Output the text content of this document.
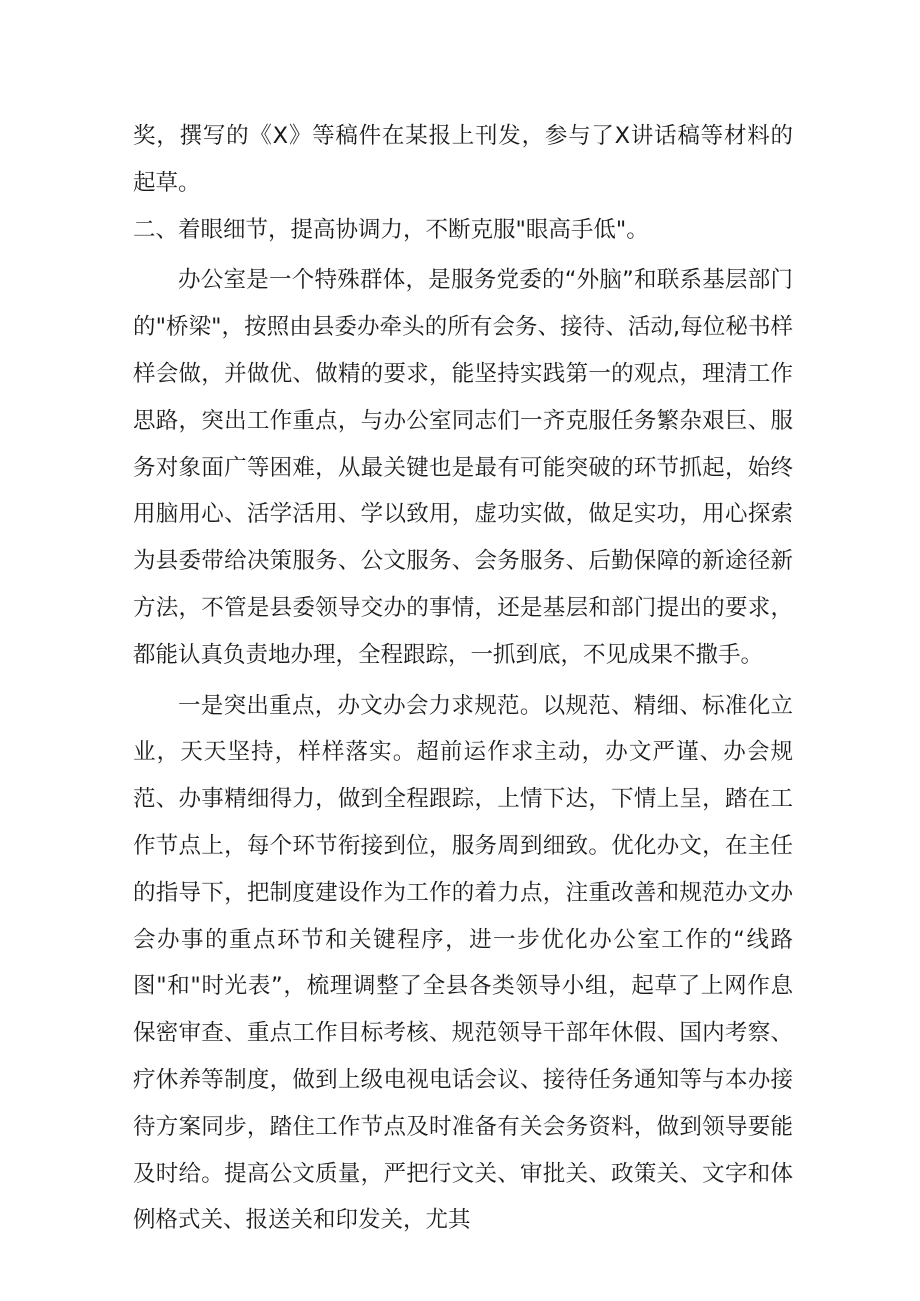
奖，撰写的《X》等稿件在某报上刊发，参与了X讲话稿等材料的起草。

二、着眼细节，提高协调力，不断克服"眼高手低"。

办公室是一个特殊群体，是服务党委的“外脑”和联系基层部门的"桥梁"，按照由县委办牵头的所有会务、接待、活动,每位秘书样样会做，并做优、做精的要求，能坚持实践第一的观点，理清工作思路，突出工作重点，与办公室同志们一齐克服任务繁杂艰巨、服务对象面广等困难，从最关键也是最有可能突破的环节抓起，始终用脑用心、活学活用、学以致用，虚功实做，做足实功，用心探索为县委带给决策服务、公文服务、会务服务、后勤保障的新途径新方法，不管是县委领导交办的事情，还是基层和部门提出的要求，都能认真负责地办理，全程跟踪，一抓到底，不见成果不撒手。

一是突出重点，办文办会力求规范。以规范、精细、标准化立业，天天坚持，样样落实。超前运作求主动，办文严谨、办会规范、办事精细得力，做到全程跟踪，上情下达，下情上呈，踏在工作节点上，每个环节衔接到位，服务周到细致。优化办文，在主任的指导下，把制度建设作为工作的着力点，注重改善和规范办文办会办事的重点环节和关键程序，进一步优化办公室工作的“线路图"和"时光表”，梳理调整了全县各类领导小组，起草了上网作息保密审查、重点工作目标考核、规范领导干部年休假、国内考察、疗休养等制度，做到上级电视电话会议、接待任务通知等与本办接待方案同步，踏住工作节点及时准备有关会务资料，做到领导要能及时给。提高公文质量，严把行文关、审批关、政策关、文字和体例格式关、报送关和印发关，尤其
